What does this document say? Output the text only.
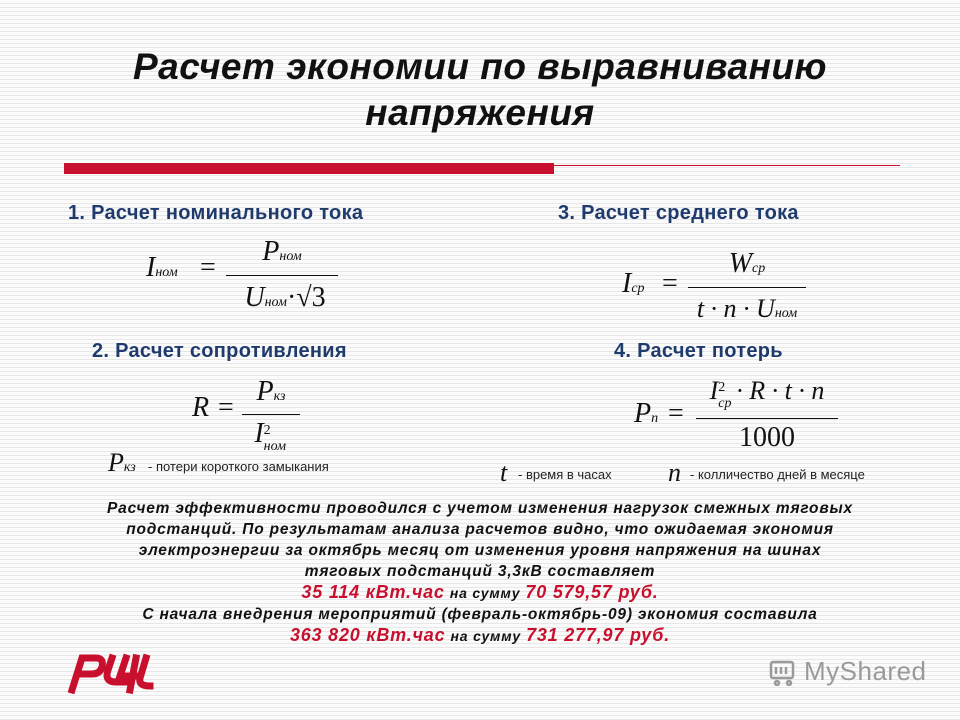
Расчет экономии по выравниванию
напряжения
1. Расчет номинального тока	3. Расчет среднего тока
2. Расчет сопротивления	4. Расчет потерь
Iном =
Pном
Uном·√3	Iср =
Wср
t · n · Uном
R =
Pкз
I 2
ном
Pп =
I 2
ср · R · t · n
1000
Pкз - потери короткого замыкания	t - время в часах n - колличество дней в месяце
Расчет эффективности проводился с учетом изменения нагрузок смежных тяговых
подстанций. По результатам анализа расчетов видно, что ожидаемая экономия
электроэнергии за октябрь месяц от изменения уровня напряжения на шинах
тяговых подстанций 3,3кВ составляет
35 114 кВт.час на сумму 70 579,57 руб.
С начала внедрения мероприятий (февраль-октябрь-09) экономия составила
363 820 кВт.час на сумму 731 277,97 руб.
MyShared
